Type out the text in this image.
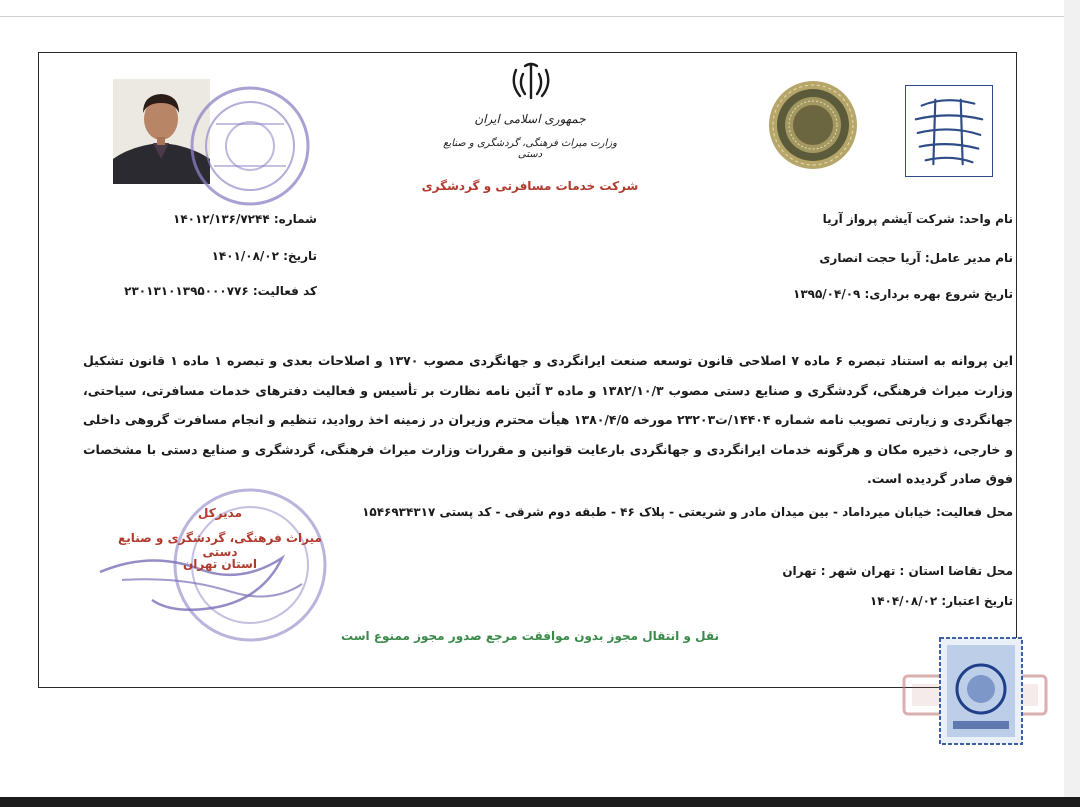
جمهوری اسلامی ایران
وزارت میراث فرهنگی، گردشگری و صنایع دستی
شرکت خدمات مسافرتی و گردشگری
نام واحد: شرکت آیشم پرواز آریا
نام مدیر عامل: آریا حجت انصاری
تاریخ شروع بهره برداری: ۱۳۹۵/۰۴/۰۹
شماره: ۱۴۰۱۲/۱۳۶/۷۲۴۴
تاریخ: ۱۴۰۱/۰۸/۰۲
کد فعالیت: ۲۳۰۱۳۱۰۱۳۹۵۰۰۰۷۷۶
این پروانه به استناد تبصره ۶ ماده ۷ اصلاحی قانون توسعه صنعت ایرانگردی و جهانگردی مصوب ۱۳۷۰ و اصلاحات بعدی و تبصره ۱ ماده ۱ قانون تشکیل وزارت میراث فرهنگی، گردشگری و صنایع دستی مصوب ۱۳۸۲/۱۰/۳ و ماده ۳ آئین نامه نظارت بر تأسیس و فعالیت دفترهای خدمات مسافرتی، سیاحتی، جهانگردی و زیارتی تصویب نامه شماره ۱۴۴۰۴/ت۲۳۲۰۳ مورخه ۱۳۸۰/۴/۵ هیأت محترم وزیران در زمینه اخذ روادید، تنظیم و انجام مسافرت گروهی داخلی و خارجی، ذخیره مکان و هرگونه خدمات ایرانگردی و جهانگردی بارعایت قوانین و مقررات وزارت میراث فرهنگی، گردشگری و صنایع دستی با مشخصات فوق صادر گردیده است.
محل فعالیت: خیابان میرداماد - بین میدان مادر و شریعتی - پلاک ۴۶ - طبقه دوم شرقی - کد پستی ۱۵۴۶۹۳۴۳۱۷
محل تقاضا استان : تهران شهر : تهران
تاریخ اعتبار: ۱۴۰۴/۰۸/۰۲
مدیرکل
میراث فرهنگی، گردشگری و صنایع دستی
استان تهران
نقل و انتقال مجوز بدون موافقت مرجع صدور مجوز ممنوع است
